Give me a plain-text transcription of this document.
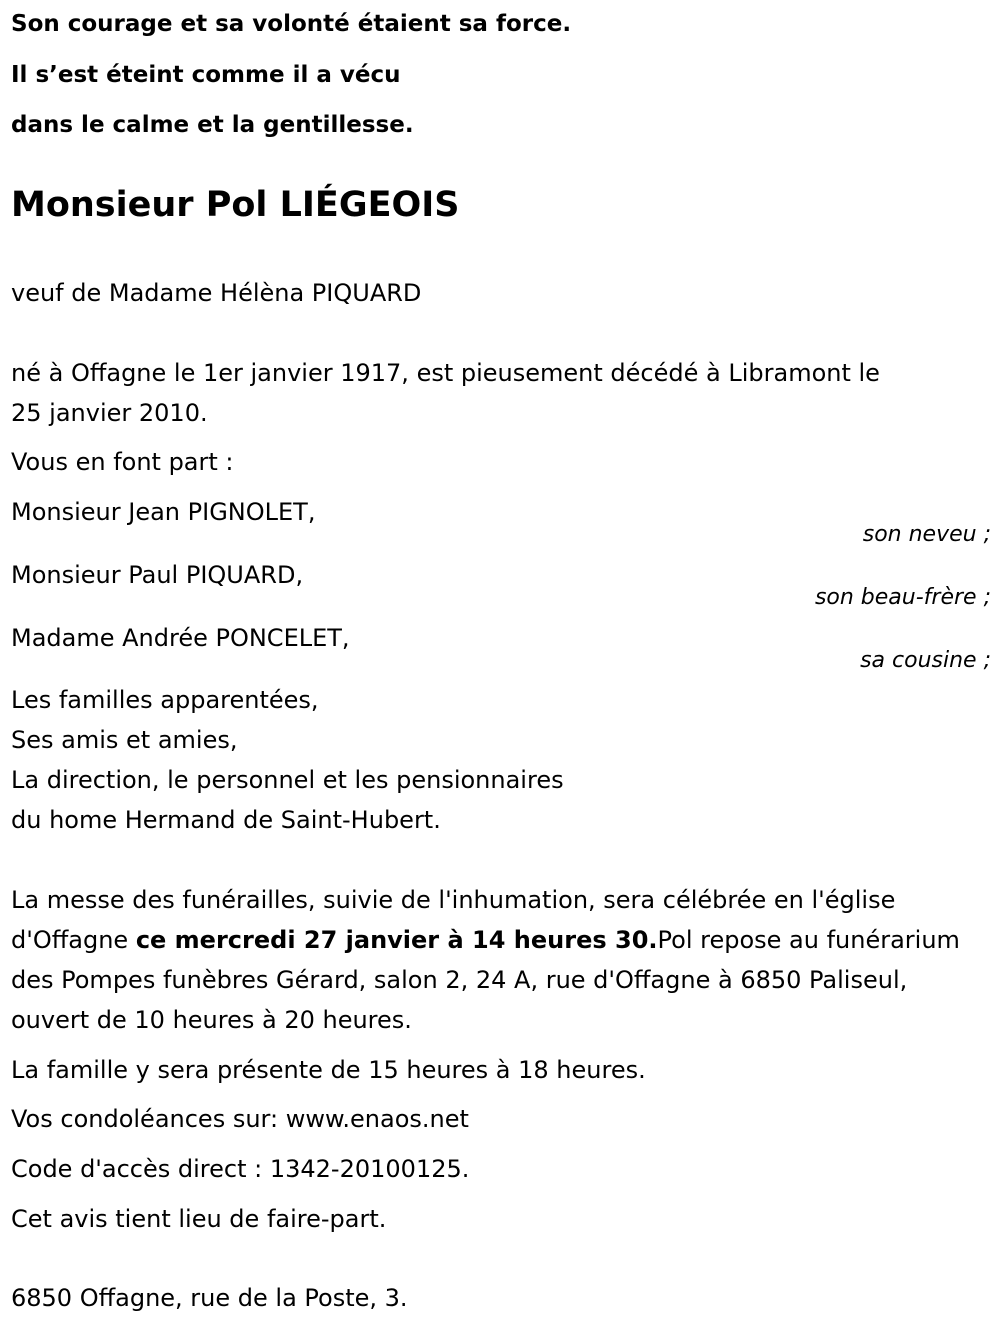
Son courage et sa volonté étaient sa force.
Il s’est éteint comme il a vécu
dans le calme et la gentillesse.
Monsieur Pol LIÉGEOIS
veuf de Madame Hélèna PIQUARD
né à Offagne le 1er janvier 1917, est pieusement décédé à Libramont le
25 janvier 2010.
Vous en font part :
Monsieur Jean PIGNOLET,
son neveu ;
Monsieur Paul PIQUARD,
son beau-frère ;
Madame Andrée PONCELET,
sa cousine ;
Les familles apparentées,
Ses amis et amies,
La direction, le personnel et les pensionnaires
du home Hermand de Saint-Hubert.
La messe des funérailles, suivie de l'inhumation, sera célébrée en l'église d'Offagne ce mercredi 27 janvier à 14 heures 30.Pol repose au funérarium des Pompes funèbres Gérard, salon 2, 24 A, rue d'Offagne à 6850 Paliseul, ouvert de 10 heures à 20 heures.
La famille y sera présente de 15 heures à 18 heures.
Vos condoléances sur: www.enaos.net
Code d'accès direct : 1342-20100125.
Cet avis tient lieu de faire-part.
6850 Offagne, rue de la Poste, 3.
